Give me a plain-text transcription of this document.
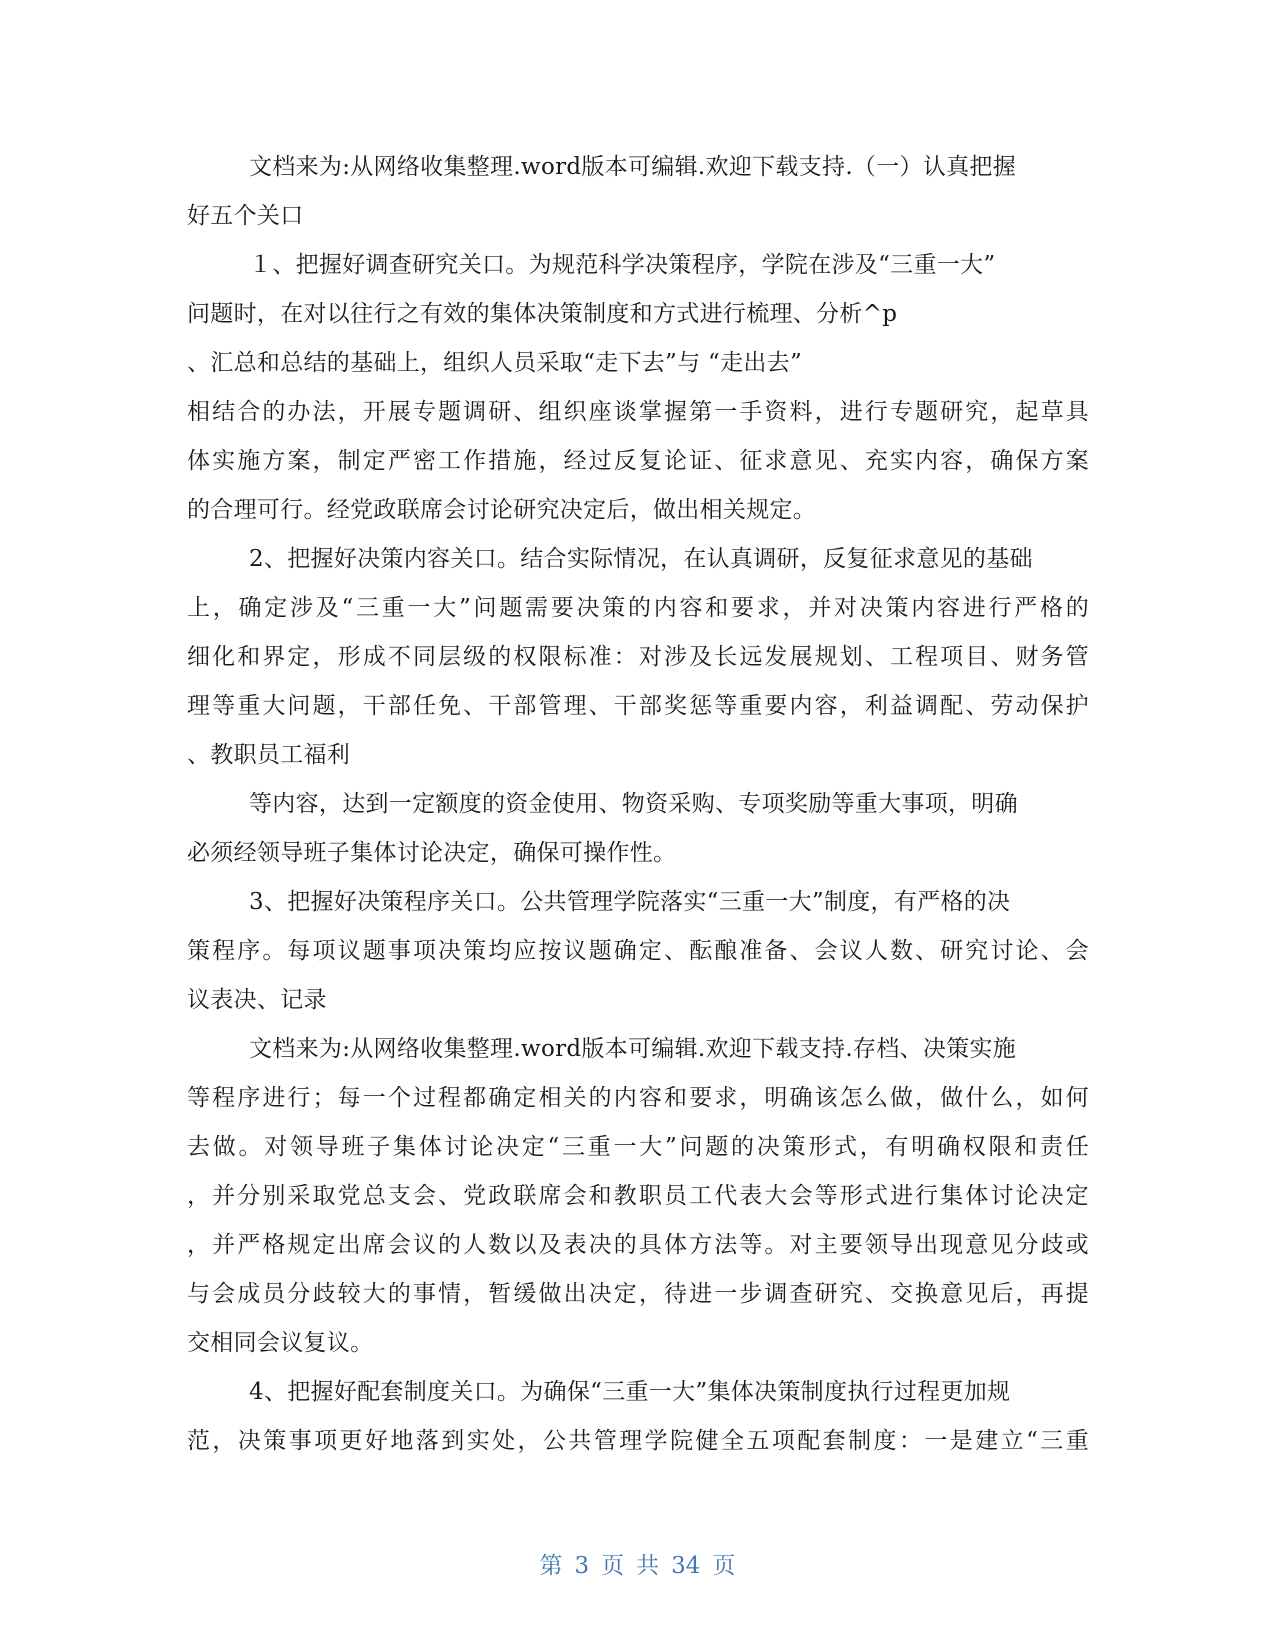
文档来为:从网络收集整理.word版本可编辑.欢迎下载支持.（一）认真把握
好五个关口
１、把握好调查研究关口。为规范科学决策程序，学院在涉及“三重一大”
问题时，在对以往行之有效的集体决策制度和方式进行梳理、分析^p
、汇总和总结的基础上，组织人员采取“走下去”与 “走出去”
相结合的办法，开展专题调研、组织座谈掌握第一手资料，进行专题研究，起草具
体实施方案，制定严密工作措施，经过反复论证、征求意见、充实内容，确保方案
的合理可行。经党政联席会讨论研究决定后，做出相关规定。
2、把握好决策内容关口。结合实际情况，在认真调研，反复征求意见的基础
上，确定涉及“三重一大”问题需要决策的内容和要求，并对决策内容进行严格的
细化和界定，形成不同层级的权限标准：对涉及长远发展规划、工程项目、财务管
理等重大问题，干部任免、干部管理、干部奖惩等重要内容，利益调配、劳动保护
、教职员工福利
等内容，达到一定额度的资金使用、物资采购、专项奖励等重大事项，明确
必须经领导班子集体讨论决定，确保可操作性。
3、把握好决策程序关口。公共管理学院落实“三重一大”制度，有严格的决
策程序。每项议题事项决策均应按议题确定、酝酿准备、会议人数、研究讨论、会
议表决、记录
文档来为:从网络收集整理.word版本可编辑.欢迎下载支持.存档、决策实施
等程序进行；每一个过程都确定相关的内容和要求，明确该怎么做，做什么，如何
去做。对领导班子集体讨论决定“三重一大”问题的决策形式，有明确权限和责任
，并分别采取党总支会、党政联席会和教职员工代表大会等形式进行集体讨论决定
，并严格规定出席会议的人数以及表决的具体方法等。对主要领导出现意见分歧或
与会成员分歧较大的事情，暂缓做出决定，待进一步调查研究、交换意见后，再提
交相同会议复议。
4、把握好配套制度关口。为确保“三重一大”集体决策制度执行过程更加规
范，决策事项更好地落到实处，公共管理学院健全五项配套制度：一是建立“三重
第 3 页 共 34 页
